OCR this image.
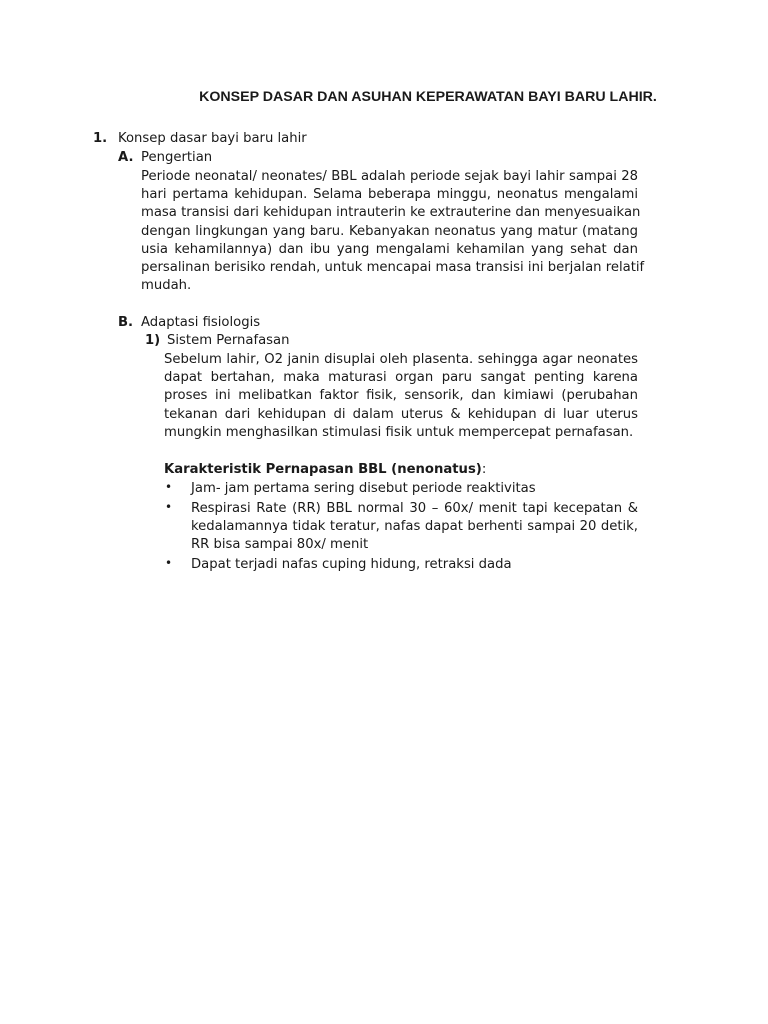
KONSEP DASAR DAN ASUHAN KEPERAWATAN BAYI BARU LAHIR.
1. Konsep dasar bayi baru lahir
A. Pengertian
Periode neonatal/ neonates/ BBL adalah periode sejak bayi lahir sampai 28
hari pertama kehidupan. Selama beberapa minggu, neonatus mengalami
masa transisi dari kehidupan intrauterin ke extrauterine dan menyesuaikan
dengan lingkungan yang baru. Kebanyakan neonatus yang matur (matang
usia kehamilannya) dan ibu yang mengalami kehamilan yang sehat dan
persalinan berisiko rendah, untuk mencapai masa transisi ini berjalan relatif
mudah.
B. Adaptasi fisiologis
1) Sistem Pernafasan
Sebelum lahir, O2 janin disuplai oleh plasenta. sehingga agar neonates
dapat bertahan, maka maturasi organ paru sangat penting karena
proses ini melibatkan faktor fisik, sensorik, dan kimiawi (perubahan
tekanan dari kehidupan di dalam uterus & kehidupan di luar uterus
mungkin menghasilkan stimulasi fisik untuk mempercepat pernafasan.
Karakteristik Pernapasan BBL (nenonatus):
• Jam- jam pertama sering disebut periode reaktivitas
• Respirasi Rate (RR) BBL normal 30 – 60x/ menit tapi kecepatan &
kedalamannya tidak teratur, nafas dapat berhenti sampai 20 detik,
RR bisa sampai 80x/ menit
• Dapat terjadi nafas cuping hidung, retraksi dada
